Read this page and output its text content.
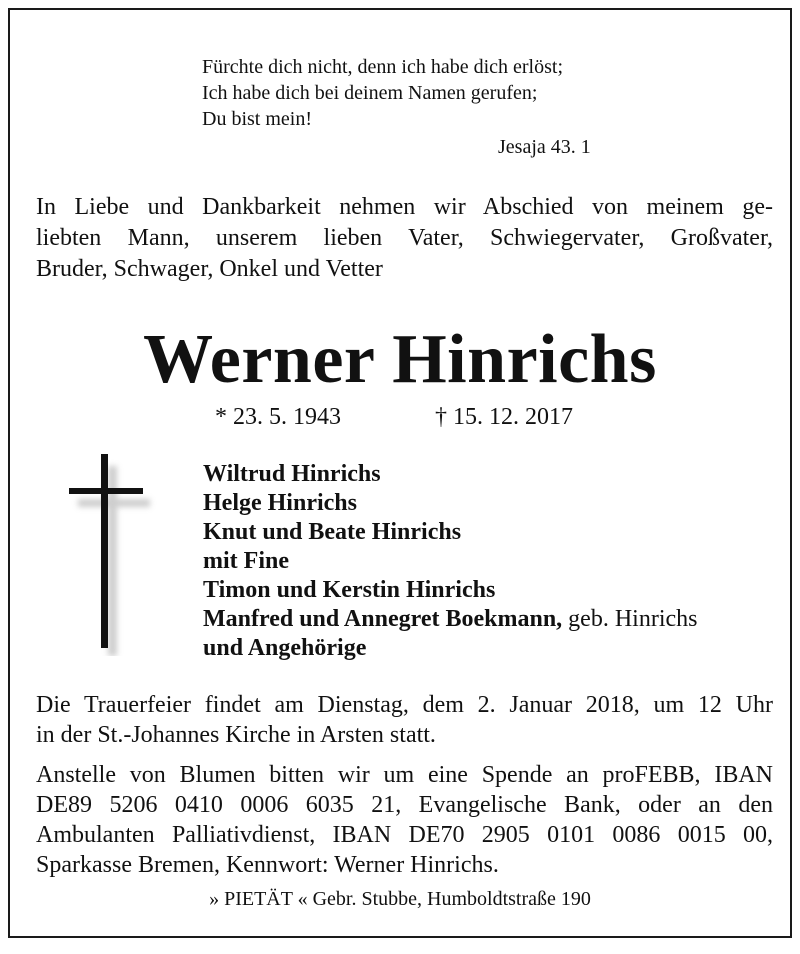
Fürchte dich nicht, denn ich habe dich erlöst;
Ich habe dich bei deinem Namen gerufen;
Du bist mein!
Jesaja 43. 1
In Liebe und Dankbarkeit nehmen wir Abschied von meinem ge-
liebten Mann, unserem lieben Vater, Schwiegervater, Großvater,
Bruder, Schwager, Onkel und Vetter
Werner Hinrichs
* 23. 5. 1943	† 15. 12. 2017
Wiltrud Hinrichs
Helge Hinrichs
Knut und Beate Hinrichs
mit Fine
Timon und Kerstin Hinrichs
Manfred und Annegret Boekmann, geb. Hinrichs
und Angehörige
Die Trauerfeier findet am Dienstag, dem 2. Januar 2018, um 12 Uhr
in der St.-Johannes Kirche in Arsten statt.
Anstelle von Blumen bitten wir um eine Spende an proFEBB, IBAN
DE89 5206 0410 0006 6035 21, Evangelische Bank, oder an den
Ambulanten Palliativdienst, IBAN DE70 2905 0101 0086 0015 00,
Sparkasse Bremen, Kennwort: Werner Hinrichs.
» PIETÄT « Gebr. Stubbe, Humboldtstraße 190
